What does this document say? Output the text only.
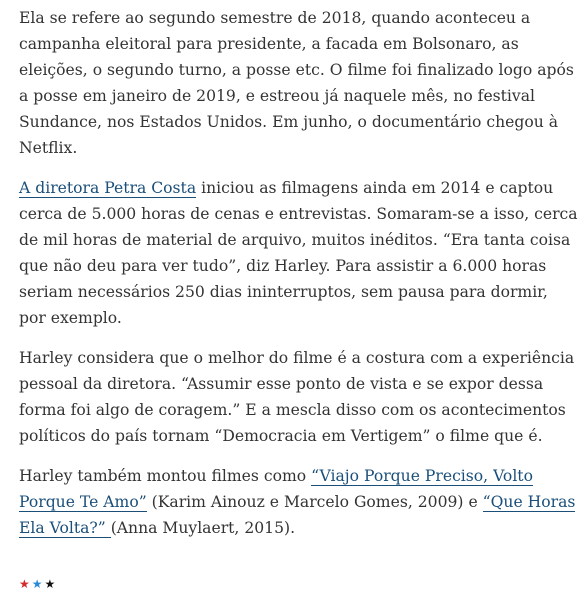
Ela se refere ao segundo semestre de 2018, quando aconteceu a campanha eleitoral para presidente, a facada em Bolsonaro, as eleições, o segundo turno, a posse etc. O filme foi finalizado logo após a posse em janeiro de 2019, e estreou já naquele mês, no festival Sundance, nos Estados Unidos. Em junho, o documentário chegou à Netflix.

A diretora Petra Costa iniciou as filmagens ainda em 2014 e captou cerca de 5.000 horas de cenas e entrevistas. Somaram-se a isso, cerca de mil horas de material de arquivo, muitos inéditos. “Era tanta coisa que não deu para ver tudo”, diz Harley. Para assistir a 6.000 horas seriam necessários 250 dias ininterruptos, sem pausa para dormir, por exemplo.

Harley considera que o melhor do filme é a costura com a experiência pessoal da diretora. “Assumir esse ponto de vista e se expor dessa forma foi algo de coragem.” E a mescla disso com os acontecimentos políticos do país tornam “Democracia em Vertigem” o filme que é.

Harley também montou filmes como “Viajo Porque Preciso, Volto Porque Te Amo” (Karim Ainouz e Marcelo Gomes, 2009) e “Que Horas Ela Volta?” (Anna Muylaert, 2015).

★★★
